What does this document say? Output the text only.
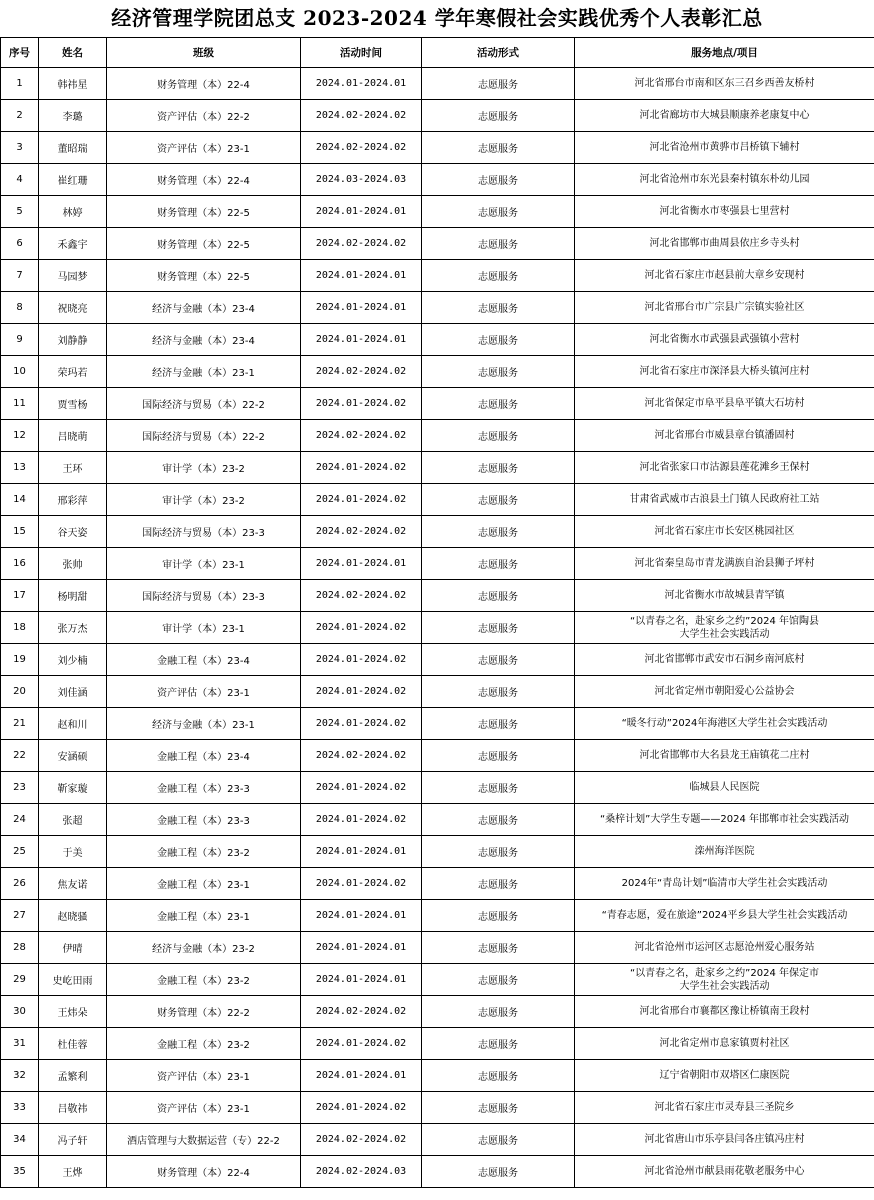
经济管理学院团总支 2023-2024 学年寒假社会实践优秀个人表彰汇总
序号	姓名	班级	活动时间	活动形式	服务地点/项目
1	韩祎星	财务管理（本）22-4	2024.01-2024.01	志愿服务	河北省邢台市南和区东三召乡西善友桥村
2	李璐	资产评估（本）22-2	2024.02-2024.02	志愿服务	河北省廊坊市大城县顺康养老康复中心
3	董昭瑞	资产评估（本）23-1	2024.02-2024.02	志愿服务	河北省沧州市黄骅市吕桥镇下辅村
4	崔红珊	财务管理（本）22-4	2024.03-2024.03	志愿服务	河北省沧州市东光县秦村镇东朴幼儿园
5	林婷	财务管理（本）22-5	2024.01-2024.01	志愿服务	河北省衡水市枣强县七里营村
6	禾鑫宇	财务管理（本）22-5	2024.02-2024.02	志愿服务	河北省邯郸市曲周县依庄乡寺头村
7	马园梦	财务管理（本）22-5	2024.01-2024.01	志愿服务	河北省石家庄市赵县前大章乡安现村
8	祝晓亮	经济与金融（本）23-4	2024.01-2024.01	志愿服务	河北省邢台市广宗县广宗镇实验社区
9	刘静静	经济与金融（本）23-4	2024.01-2024.01	志愿服务	河北省衡水市武强县武强镇小营村
10	荣玛若	经济与金融（本）23-1	2024.02-2024.02	志愿服务	河北省石家庄市深泽县大桥头镇河庄村
11	贾雪杨	国际经济与贸易（本）22-2	2024.01-2024.02	志愿服务	河北省保定市阜平县阜平镇大石坊村
12	吕晓萌	国际经济与贸易（本）22-2	2024.02-2024.02	志愿服务	河北省邢台市威县章台镇潘固村
13	王环	审计学（本）23-2	2024.01-2024.02	志愿服务	河北省张家口市沽源县莲花滩乡王保村
14	邢彩萍	审计学（本）23-2	2024.01-2024.02	志愿服务	甘肃省武威市古浪县土门镇人民政府社工站
15	谷天姿	国际经济与贸易（本）23-3	2024.02-2024.02	志愿服务	河北省石家庄市长安区桃园社区
16	张帅	审计学（本）23-1	2024.01-2024.01	志愿服务	河北省秦皇岛市青龙满族自治县狮子坪村
17	杨明甜	国际经济与贸易（本）23-3	2024.02-2024.02	志愿服务	河北省衡水市故城县青罕镇
18	张万杰	审计学（本）23-1	2024.01-2024.02	志愿服务	“以青春之名，赴家乡之约”2024 年馆陶县
大学生社会实践活动
19	刘少楠	金融工程（本）23-4	2024.01-2024.02	志愿服务	河北省邯郸市武安市石洞乡南河底村
20	刘佳涵	资产评估（本）23-1	2024.01-2024.02	志愿服务	河北省定州市朝阳爱心公益协会
21	赵和川	经济与金融（本）23-1	2024.01-2024.02	志愿服务	“暖冬行动”2024年海港区大学生社会实践活动
22	安涵硕	金融工程（本）23-4	2024.02-2024.02	志愿服务	河北省邯郸市大名县龙王庙镇花二庄村
23	靳家璇	金融工程（本）23-3	2024.01-2024.02	志愿服务	临城县人民医院
24	张超	金融工程（本）23-3	2024.01-2024.02	志愿服务	“桑梓计划”大学生专题——2024 年邯郸市社会实践活动
25	于美	金融工程（本）23-2	2024.01-2024.01	志愿服务	滦州海洋医院
26	焦友诺	金融工程（本）23-1	2024.01-2024.02	志愿服务	2024年“青岛计划”临清市大学生社会实践活动
27	赵晓骚	金融工程（本）23-1	2024.01-2024.01	志愿服务	“青春志愿，爱在旅途”2024平乡县大学生社会实践活动
28	伊晴	经济与金融（本）23-2	2024.01-2024.01	志愿服务	河北省沧州市运河区志愿沧州爱心服务站
29	史屹田雨	金融工程（本）23-2	2024.01-2024.01	志愿服务	“以青春之名，赴家乡之约”2024 年保定市
大学生社会实践活动
30	王炜朵	财务管理（本）22-2	2024.02-2024.02	志愿服务	河北省邢台市襄都区豫让桥镇南王段村
31	杜佳蓉	金融工程（本）23-2	2024.01-2024.02	志愿服务	河北省定州市息家镇贾村社区
32	孟繁利	资产评估（本）23-1	2024.01-2024.01	志愿服务	辽宁省朝阳市双塔区仁康医院
33	吕敬祎	资产评估（本）23-1	2024.01-2024.02	志愿服务	河北省石家庄市灵寿县三圣院乡
34	冯子轩	酒店管理与大数据运营（专）22-2	2024.02-2024.02	志愿服务	河北省唐山市乐亭县闫各庄镇冯庄村
35	王烨	财务管理（本）22-4	2024.02-2024.03	志愿服务	河北省沧州市献县雨花敬老服务中心
